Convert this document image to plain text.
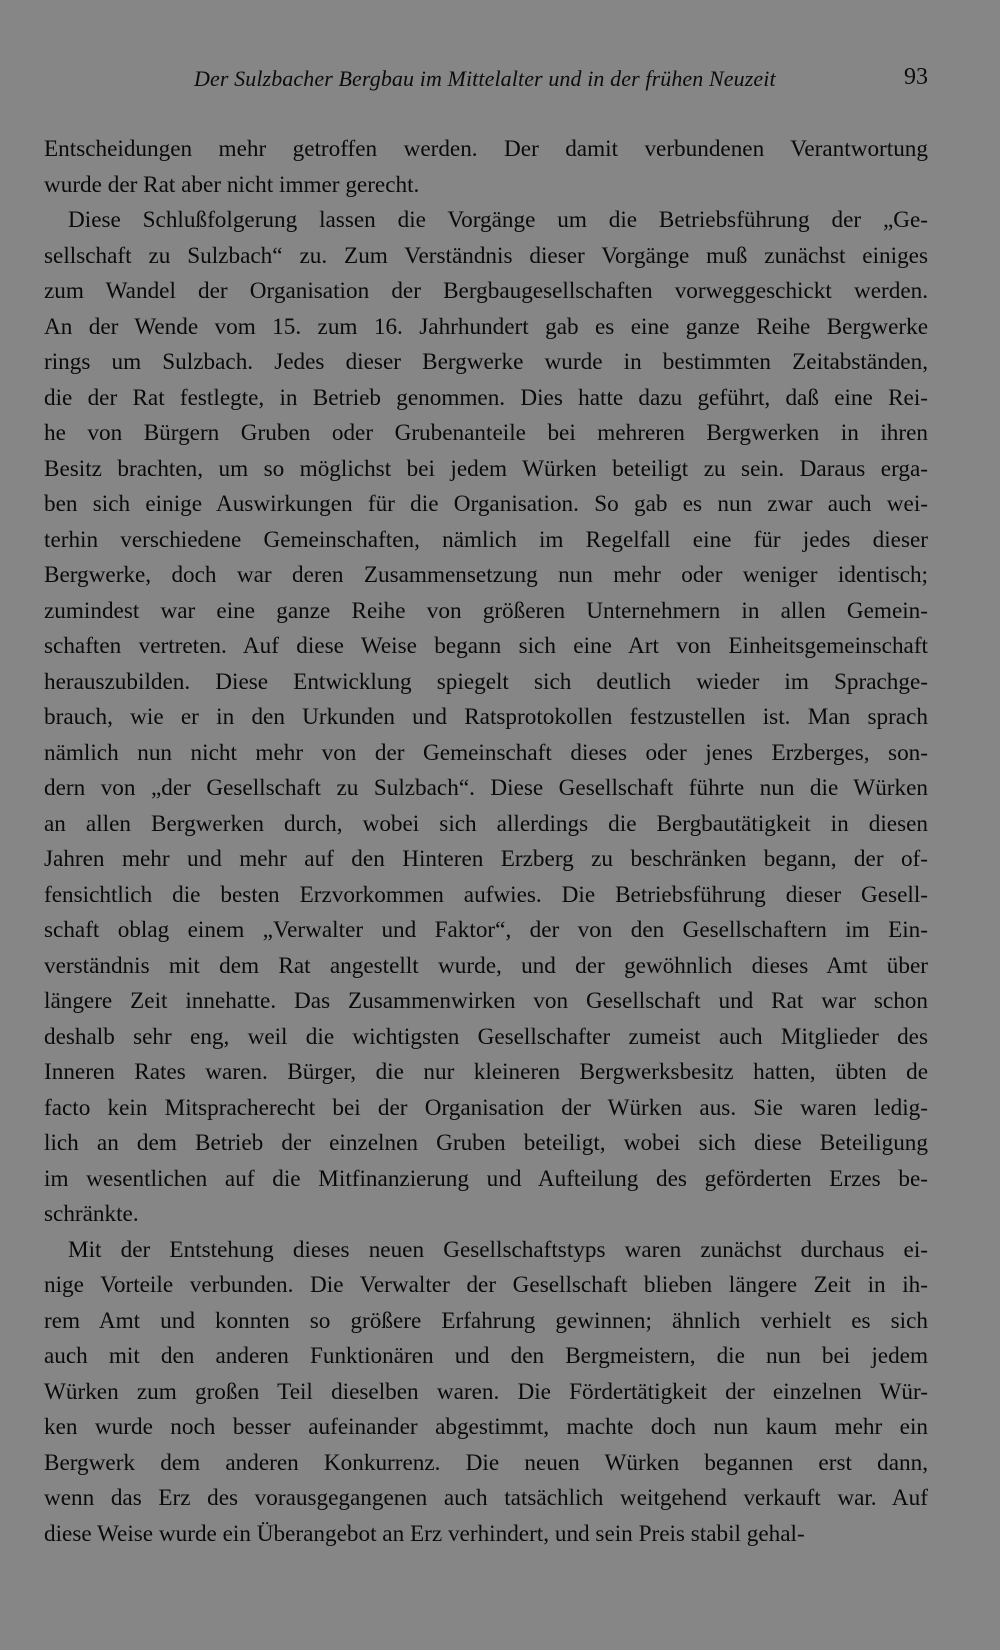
Der Sulzbacher Bergbau im Mittelalter und in der frühen Neuzeit	93
Entscheidungen mehr getroffen werden. Der damit verbundenen Verantwortung
wurde der Rat aber nicht immer gerecht.
Diese Schlußfolgerung lassen die Vorgänge um die Betriebsführung der „Ge-
sellschaft zu Sulzbach“ zu. Zum Verständnis dieser Vorgänge muß zunächst einiges
zum Wandel der Organisation der Bergbaugesellschaften vorweggeschickt werden.
An der Wende vom 15. zum 16. Jahrhundert gab es eine ganze Reihe Bergwerke
rings um Sulzbach. Jedes dieser Bergwerke wurde in bestimmten Zeitabständen,
die der Rat festlegte, in Betrieb genommen. Dies hatte dazu geführt, daß eine Rei-
he von Bürgern Gruben oder Grubenanteile bei mehreren Bergwerken in ihren
Besitz brachten, um so möglichst bei jedem Würken beteiligt zu sein. Daraus erga-
ben sich einige Auswirkungen für die Organisation. So gab es nun zwar auch wei-
terhin verschiedene Gemeinschaften, nämlich im Regelfall eine für jedes dieser
Bergwerke, doch war deren Zusammensetzung nun mehr oder weniger identisch;
zumindest war eine ganze Reihe von größeren Unternehmern in allen Gemein-
schaften vertreten. Auf diese Weise begann sich eine Art von Einheitsgemeinschaft
herauszubilden. Diese Entwicklung spiegelt sich deutlich wieder im Sprachge-
brauch, wie er in den Urkunden und Ratsprotokollen festzustellen ist. Man sprach
nämlich nun nicht mehr von der Gemeinschaft dieses oder jenes Erzberges, son-
dern von „der Gesellschaft zu Sulzbach“. Diese Gesellschaft führte nun die Würken
an allen Bergwerken durch, wobei sich allerdings die Bergbautätigkeit in diesen
Jahren mehr und mehr auf den Hinteren Erzberg zu beschränken begann, der of-
fensichtlich die besten Erzvorkommen aufwies. Die Betriebsführung dieser Gesell-
schaft oblag einem „Verwalter und Faktor“, der von den Gesellschaftern im Ein-
verständnis mit dem Rat angestellt wurde, und der gewöhnlich dieses Amt über
längere Zeit innehatte. Das Zusammenwirken von Gesellschaft und Rat war schon
deshalb sehr eng, weil die wichtigsten Gesellschafter zumeist auch Mitglieder des
Inneren Rates waren. Bürger, die nur kleineren Bergwerksbesitz hatten, übten de
facto kein Mitspracherecht bei der Organisation der Würken aus. Sie waren ledig-
lich an dem Betrieb der einzelnen Gruben beteiligt, wobei sich diese Beteiligung
im wesentlichen auf die Mitfinanzierung und Aufteilung des geförderten Erzes be-
schränkte.
Mit der Entstehung dieses neuen Gesellschaftstyps waren zunächst durchaus ei-
nige Vorteile verbunden. Die Verwalter der Gesellschaft blieben längere Zeit in ih-
rem Amt und konnten so größere Erfahrung gewinnen; ähnlich verhielt es sich
auch mit den anderen Funktionären und den Bergmeistern, die nun bei jedem
Würken zum großen Teil dieselben waren. Die Fördertätigkeit der einzelnen Wür-
ken wurde noch besser aufeinander abgestimmt, machte doch nun kaum mehr ein
Bergwerk dem anderen Konkurrenz. Die neuen Würken begannen erst dann,
wenn das Erz des vorausgegangenen auch tatsächlich weitgehend verkauft war. Auf
diese Weise wurde ein Überangebot an Erz verhindert, und sein Preis stabil gehal-
